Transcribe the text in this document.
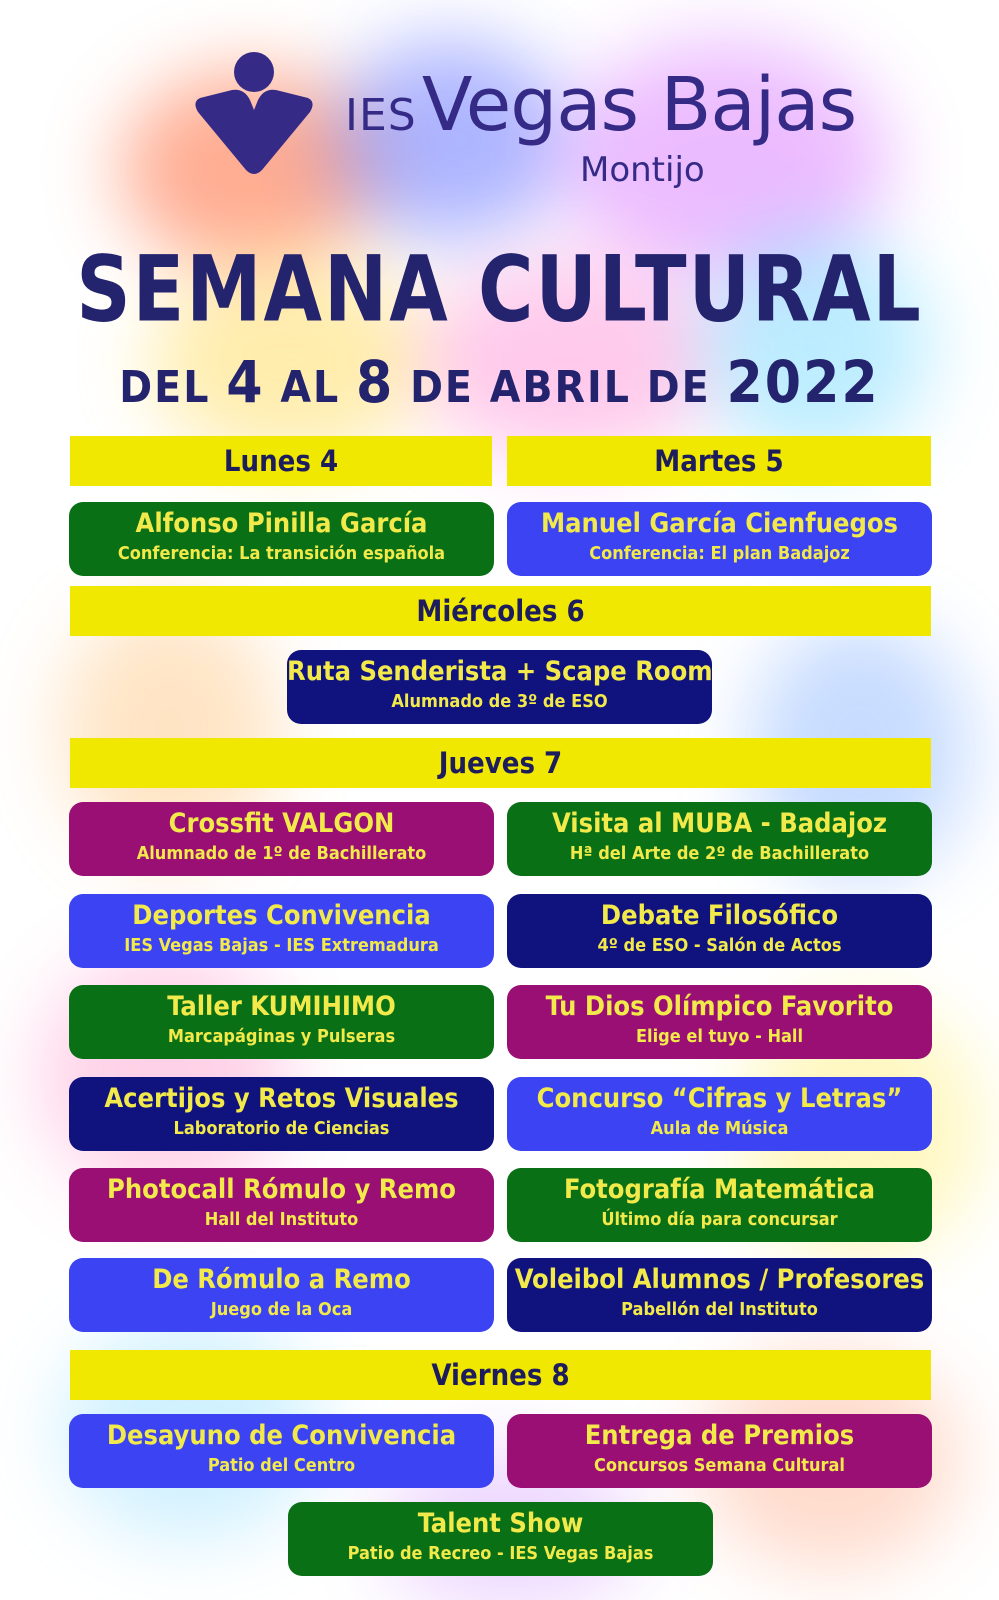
IES Vegas Bajas
Montijo
SEMANA CULTURAL
DEL 4 AL 8 DE ABRIL DE 2022
Lunes 4	Martes 5
Alfonso Pinilla García
Conferencia: La transición española
Manuel García Cienfuegos
Conferencia: El plan Badajoz
Miércoles 6
Ruta Senderista + Scape Room
Alumnado de 3º de ESO
Jueves 7
Crossfit VALGON
Alumnado de 1º de Bachillerato
Visita al MUBA - Badajoz
Hª del Arte de 2º de Bachillerato
Deportes Convivencia
IES Vegas Bajas - IES Extremadura
Debate Filosófico
4º de ESO - Salón de Actos
Taller KUMIHIMO
Marcapáginas y Pulseras
Tu Dios Olímpico Favorito
Elige el tuyo - Hall
Acertijos y Retos Visuales
Laboratorio de Ciencias
Concurso “Cifras y Letras”
Aula de Música
Photocall Rómulo y Remo
Hall del Instituto
Fotografía Matemática
Último día para concursar
De Rómulo a Remo
Juego de la Oca
Voleibol Alumnos / Profesores
Pabellón del Instituto
Viernes 8
Desayuno de Convivencia
Patio del Centro
Entrega de Premios
Concursos Semana Cultural
Talent Show
Patio de Recreo - IES Vegas Bajas
